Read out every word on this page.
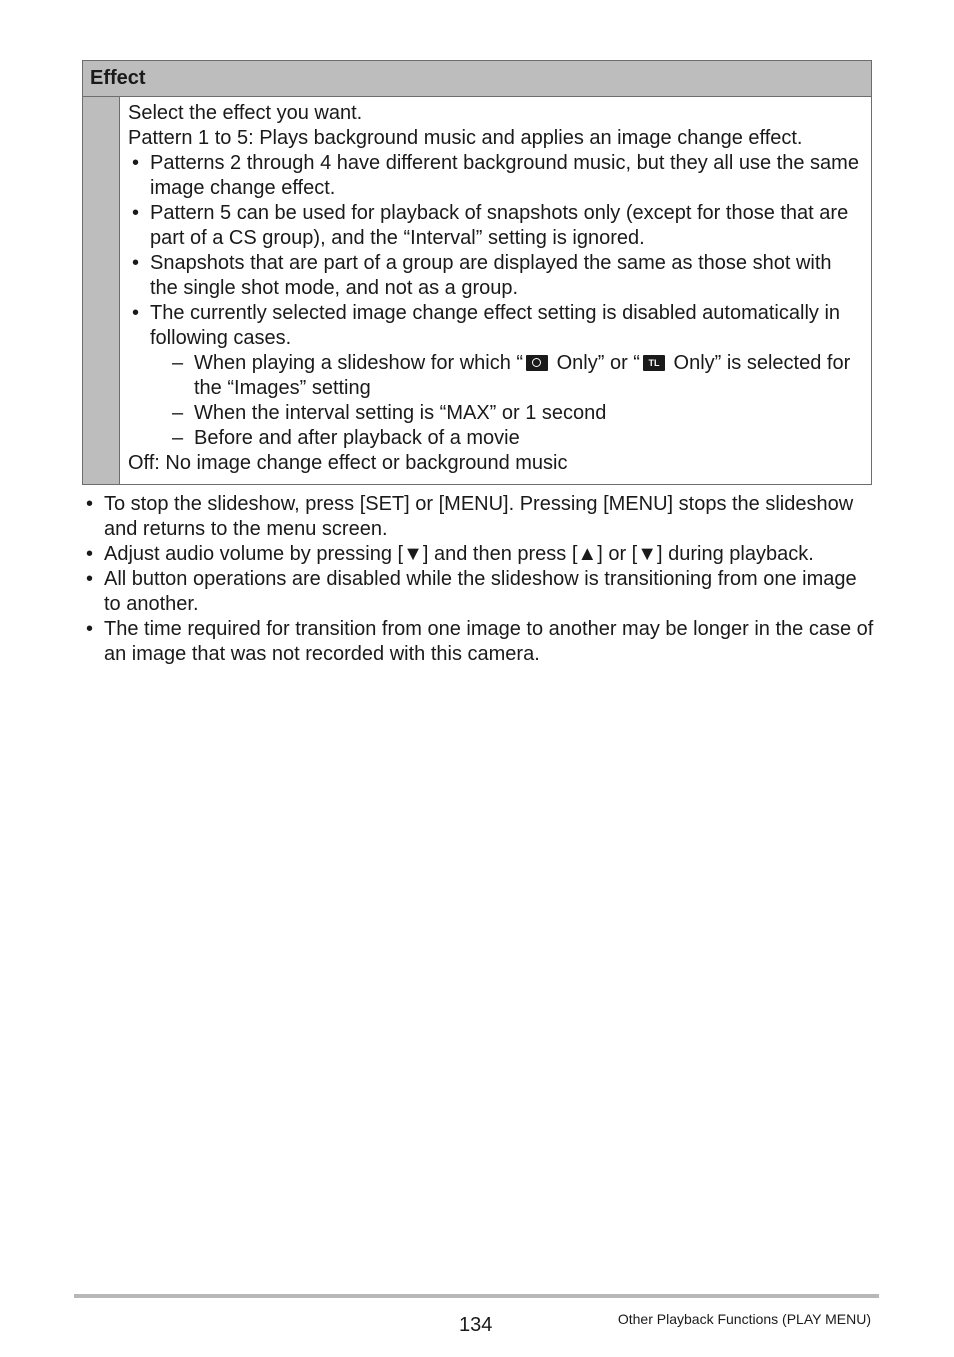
Effect

Select the effect you want.

Pattern 1 to 5: Plays background music and applies an image change effect.

• Patterns 2 through 4 have different background music, but they all use the same image change effect.
• Pattern 5 can be used for playback of snapshots only (except for those that are part of a CS group), and the “Interval” setting is ignored.
• Snapshots that are part of a group are displayed the same as those shot with the single shot mode, and not as a group.
• The currently selected image change effect setting is disabled automatically in following cases.
– When playing a slideshow for which “ Only” or “TL Only” is selected for the “Images” setting
– When the interval setting is “MAX” or 1 second
– Before and after playback of a movie

Off: No image change effect or background music

• To stop the slideshow, press [SET] or [MENU]. Pressing [MENU] stops the slideshow and returns to the menu screen.
• Adjust audio volume by pressing [▼] and then press [▲] or [▼] during playback.
• All button operations are disabled while the slideshow is transitioning from one image to another.
• The time required for transition from one image to another may be longer in the case of an image that was not recorded with this camera.
134	Other Playback Functions (PLAY MENU)
